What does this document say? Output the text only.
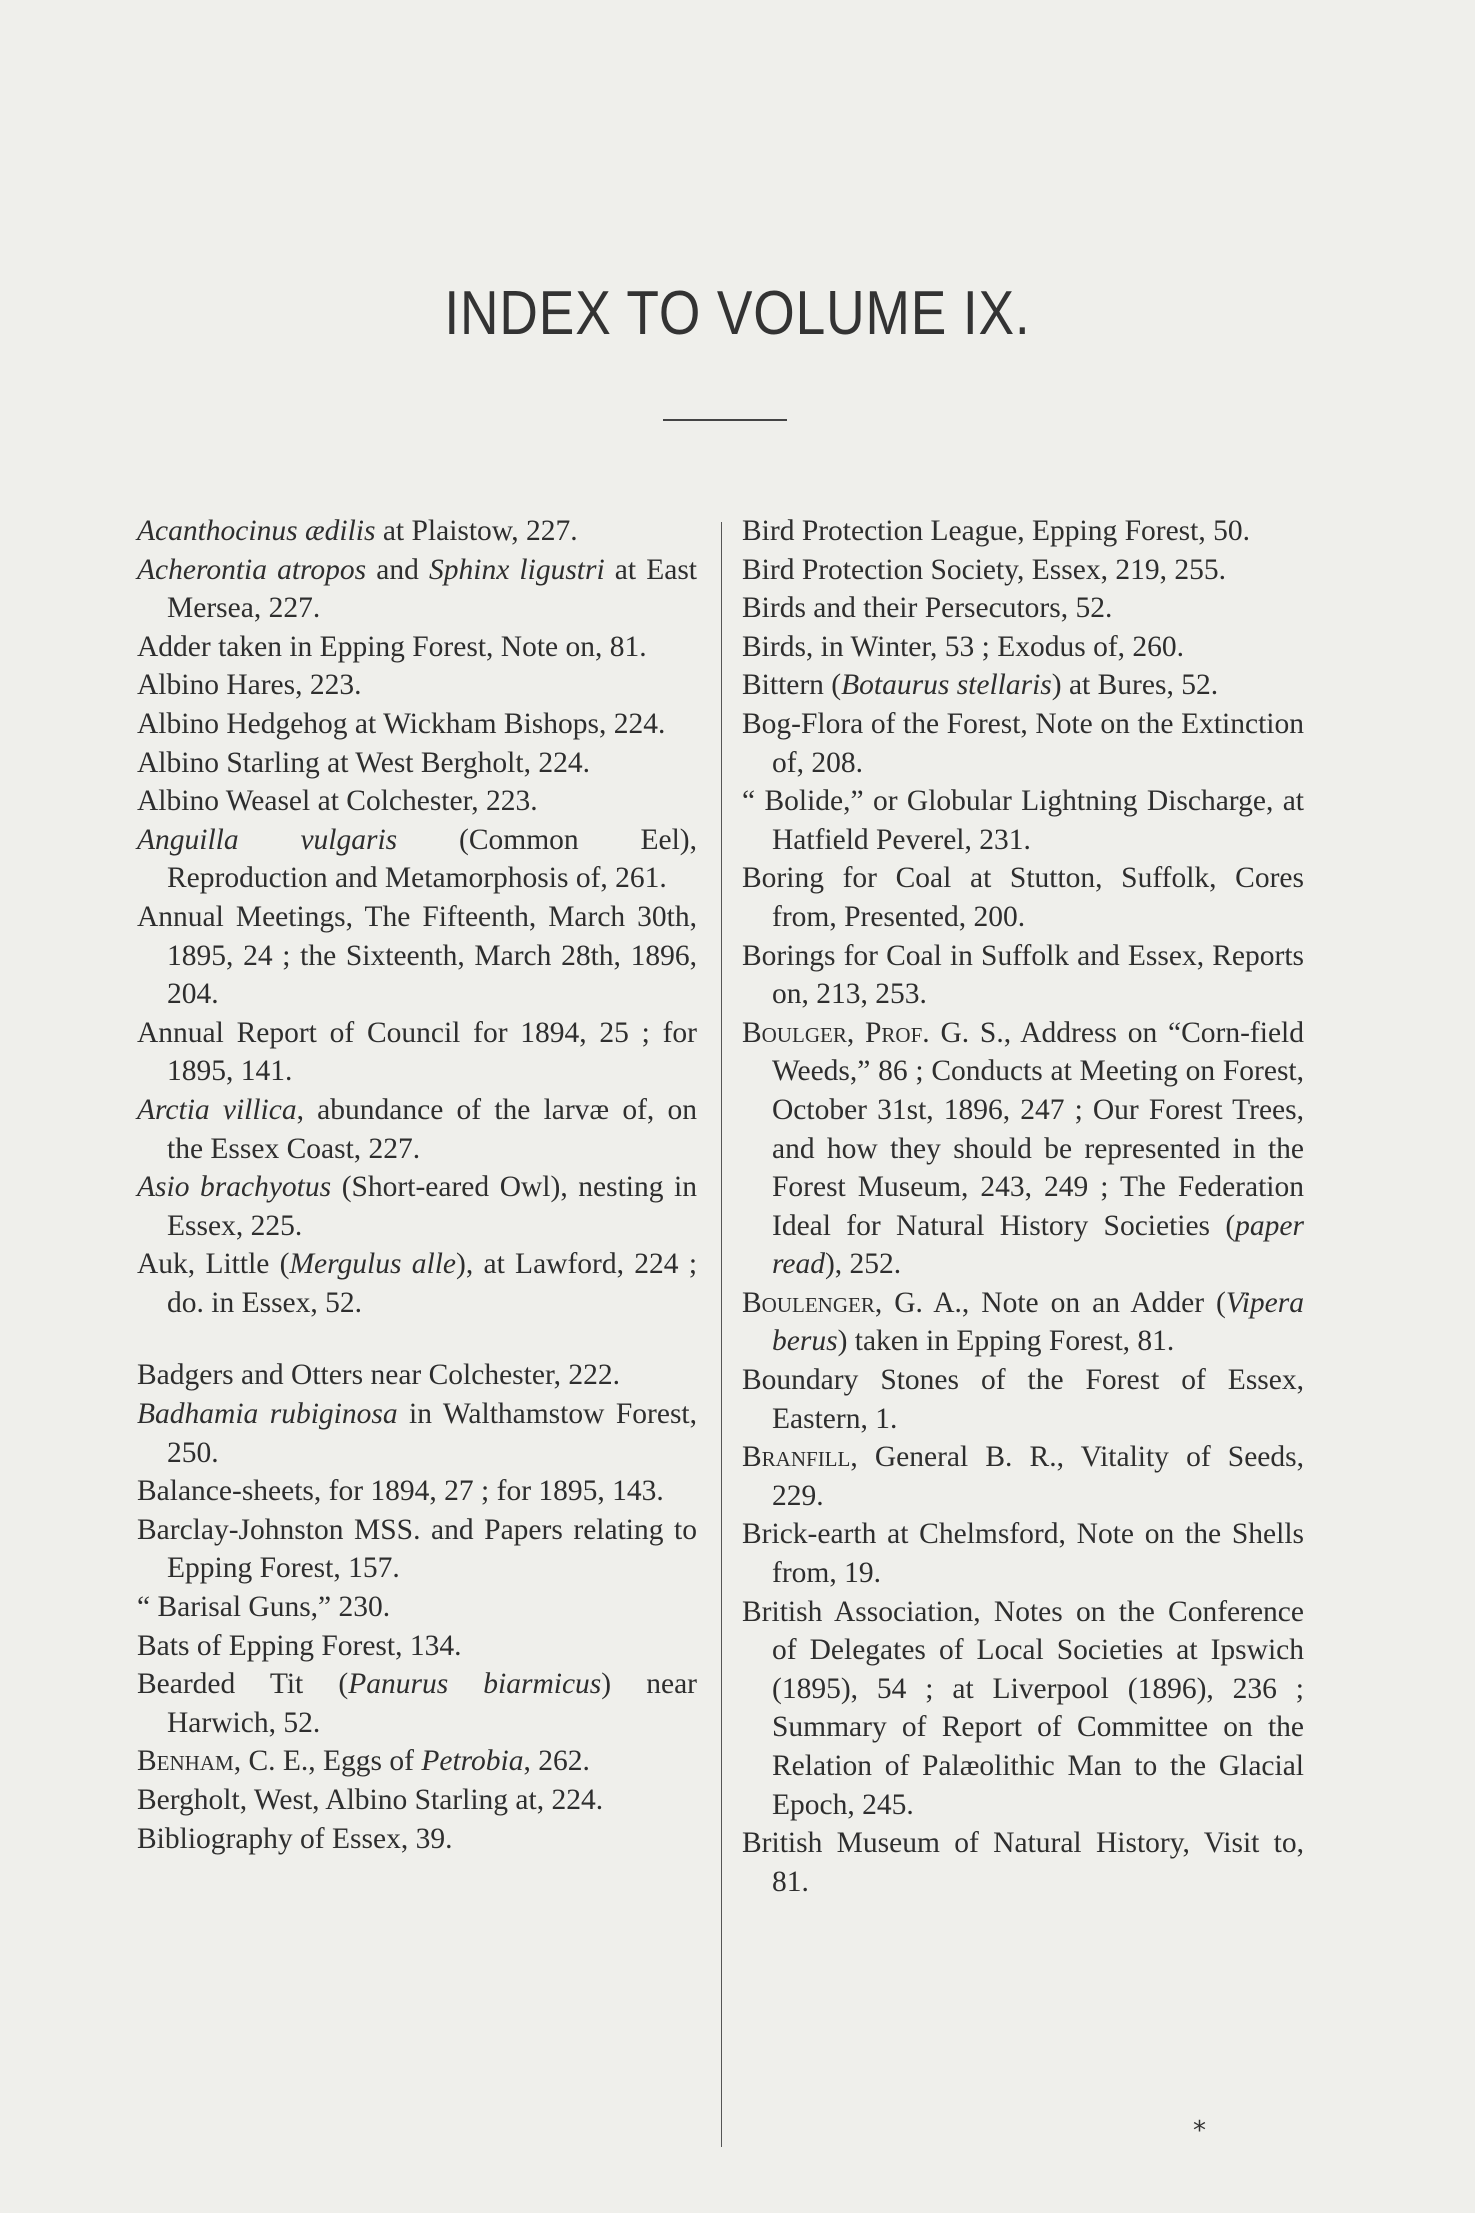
INDEX TO VOLUME IX.

Acanthocinus ædilis at Plaistow, 227.

Acherontia atropos and Sphinx ligustri at East Mersea, 227.

Adder taken in Epping Forest, Note on, 81.

Albino Hares, 223.

Albino Hedgehog at Wickham Bishops, 224.

Albino Starling at West Bergholt, 224.

Albino Weasel at Colchester, 223.

Anguilla vulgaris (Common Eel), Reproduction and Metamorphosis of, 261.

Annual Meetings, The Fifteenth, March 30th, 1895, 24 ; the Sixteenth, March 28th, 1896, 204.

Annual Report of Council for 1894, 25 ; for 1895, 141.

Arctia villica, abundance of the larvæ of, on the Essex Coast, 227.

Asio brachyotus (Short-eared Owl), nesting in Essex, 225.

Auk, Little (Mergulus alle), at Lawford, 224 ; do. in Essex, 52.

Badgers and Otters near Colchester, 222.

Badhamia rubiginosa in Walthamstow Forest, 250.

Balance-sheets, for 1894, 27 ; for 1895, 143.

Barclay-Johnston MSS. and Papers relating to Epping Forest, 157.

“ Barisal Guns,” 230.

Bats of Epping Forest, 134.

Bearded Tit (Panurus biarmicus) near Harwich, 52.

Benham, C. E., Eggs of Petrobia, 262.

Bergholt, West, Albino Starling at, 224.

Bibliography of Essex, 39.

Bird Protection League, Epping Forest, 50.

Bird Protection Society, Essex, 219, 255.

Birds and their Persecutors, 52.

Birds, in Winter, 53 ; Exodus of, 260.

Bittern (Botaurus stellaris) at Bures, 52.

Bog-Flora of the Forest, Note on the Extinction of, 208.

“ Bolide,” or Globular Lightning Discharge, at Hatfield Peverel, 231.

Boring for Coal at Stutton, Suffolk, Cores from, Presented, 200.

Borings for Coal in Suffolk and Essex, Reports on, 213, 253.

Boulger, Prof. G. S., Address on “Corn-field Weeds,” 86 ; Conducts at Meeting on Forest, October 31st, 1896, 247 ; Our Forest Trees, and how they should be represented in the Forest Museum, 243, 249 ; The Federation Ideal for Natural History Societies (paper read), 252.

Boulenger, G. A., Note on an Adder (Vipera berus) taken in Epping Forest, 81.

Boundary Stones of the Forest of Essex, Eastern, 1.

Branfill, General B. R., Vitality of Seeds, 229.

Brick-earth at Chelmsford, Note on the Shells from, 19.

British Association, Notes on the Conference of Delegates of Local Societies at Ipswich (1895), 54 ; at Liverpool (1896), 236 ; Summary of Report of Committee on the Relation of Palæolithic Man to the Glacial Epoch, 245.

British Museum of Natural History, Visit to, 81.

*
